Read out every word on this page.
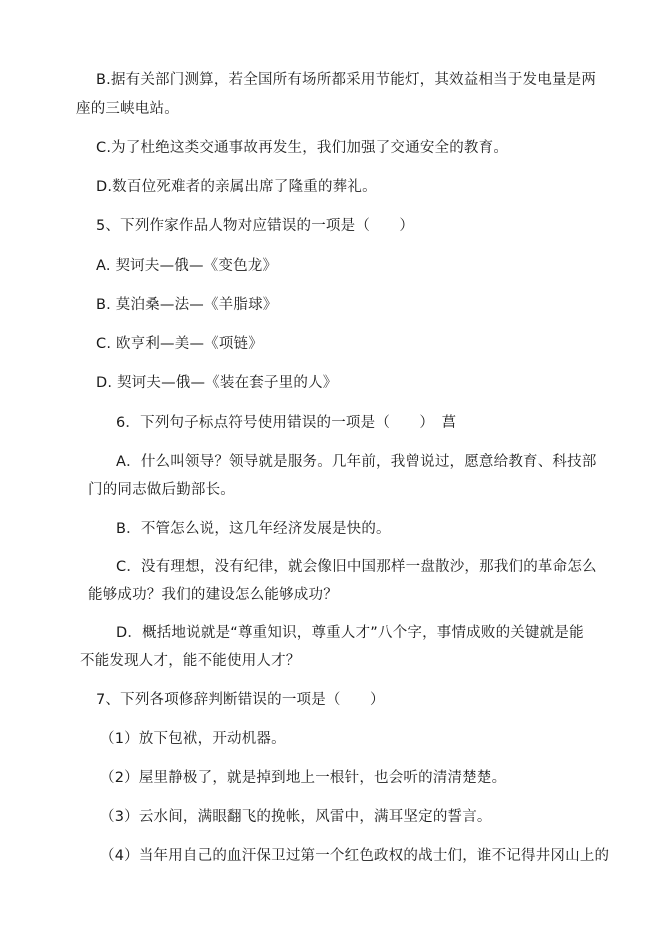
B.据有关部门测算，若全国所有场所都采用节能灯，其效益相当于发电量是两
座的三峡电站。
C.为了杜绝这类交通事故再发生，我们加强了交通安全的教育。
D.数百位死难者的亲属出席了隆重的葬礼。
5、下列作家作品人物对应错误的一项是（　　）
A. 契诃夫—俄—《变色龙》
B. 莫泊桑—法—《羊脂球》
C. 欧亨利—美—《项链》
D. 契诃夫—俄—《装在套子里的人》
6．下列句子标点符号使用错误的一项是（　　）　菖
A．什么叫领导？领导就是服务。几年前，我曾说过，愿意给教育、科技部
门的同志做后勤部长。
B．不管怎么说，这几年经济发展是快的。
C．没有理想，没有纪律，就会像旧中国那样一盘散沙，那我们的革命怎么
能够成功？我们的建设怎么能够成功？
D．概括地说就是“尊重知识，尊重人才”八个字，事情成败的关键就是能
不能发现人才，能不能使用人才？
7、下列各项修辞判断错误的一项是（　　）
（1）放下包袱，开动机器。
（2）屋里静极了，就是掉到地上一根针，也会听的清清楚楚。
（3）云水间，满眼翻飞的挽帐，风雷中，满耳坚定的誓言。
（4）当年用自己的血汗保卫过第一个红色政权的战士们，谁不记得井冈山上的
